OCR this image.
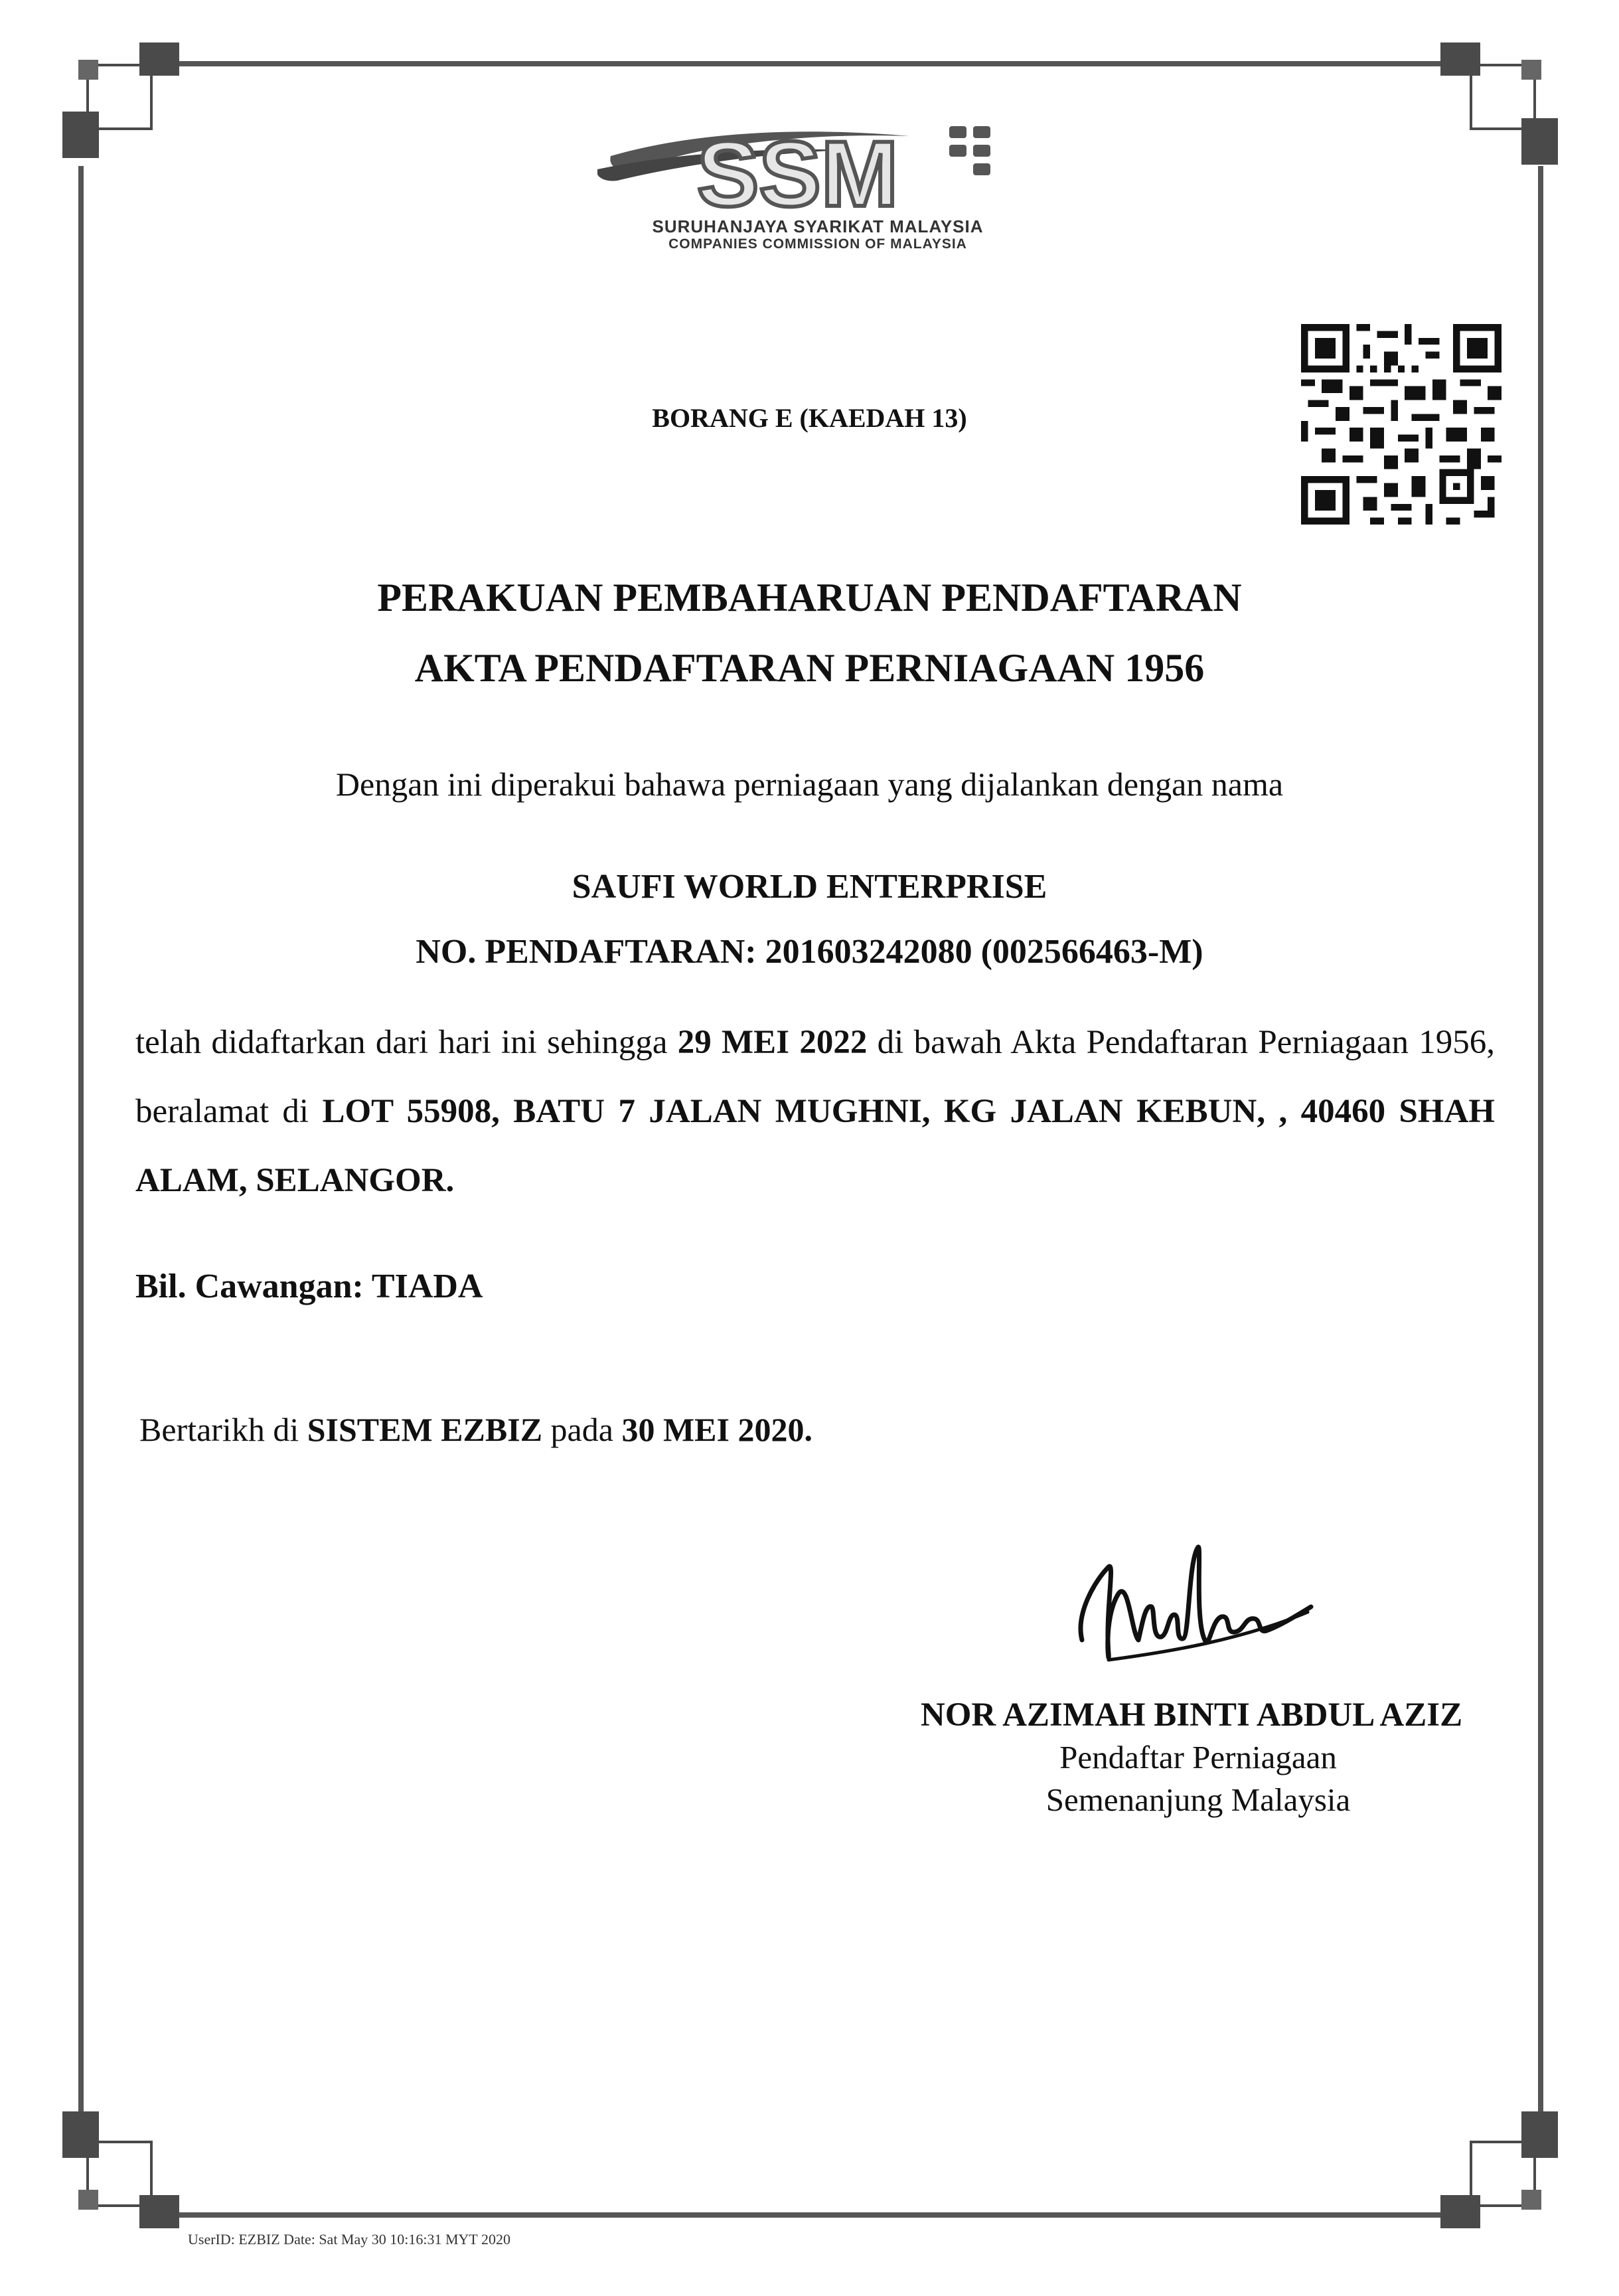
SSM
SURUHANJAYA SYARIKAT MALAYSIA
COMPANIES COMMISSION OF MALAYSIA
BORANG E (KAEDAH 13)
PERAKUAN PEMBAHARUAN PENDAFTARAN
AKTA PENDAFTARAN PERNIAGAAN 1956
Dengan ini diperakui bahawa perniagaan yang dijalankan dengan nama
SAUFI WORLD ENTERPRISE
NO. PENDAFTARAN: 201603242080 (002566463-M)
telah didaftarkan dari hari ini sehingga 29 MEI 2022 di bawah Akta Pendaftaran Perniagaan 1956, beralamat di LOT 55908, BATU 7 JALAN MUGHNI, KG JALAN KEBUN, , 40460 SHAH ALAM, SELANGOR.
Bil. Cawangan: TIADA
Bertarikh di SISTEM EZBIZ pada 30 MEI 2020.
NOR AZIMAH BINTI ABDUL AZIZ
Pendaftar Perniagaan
Semenanjung Malaysia
UserID: EZBIZ Date: Sat May 30 10:16:31 MYT 2020
